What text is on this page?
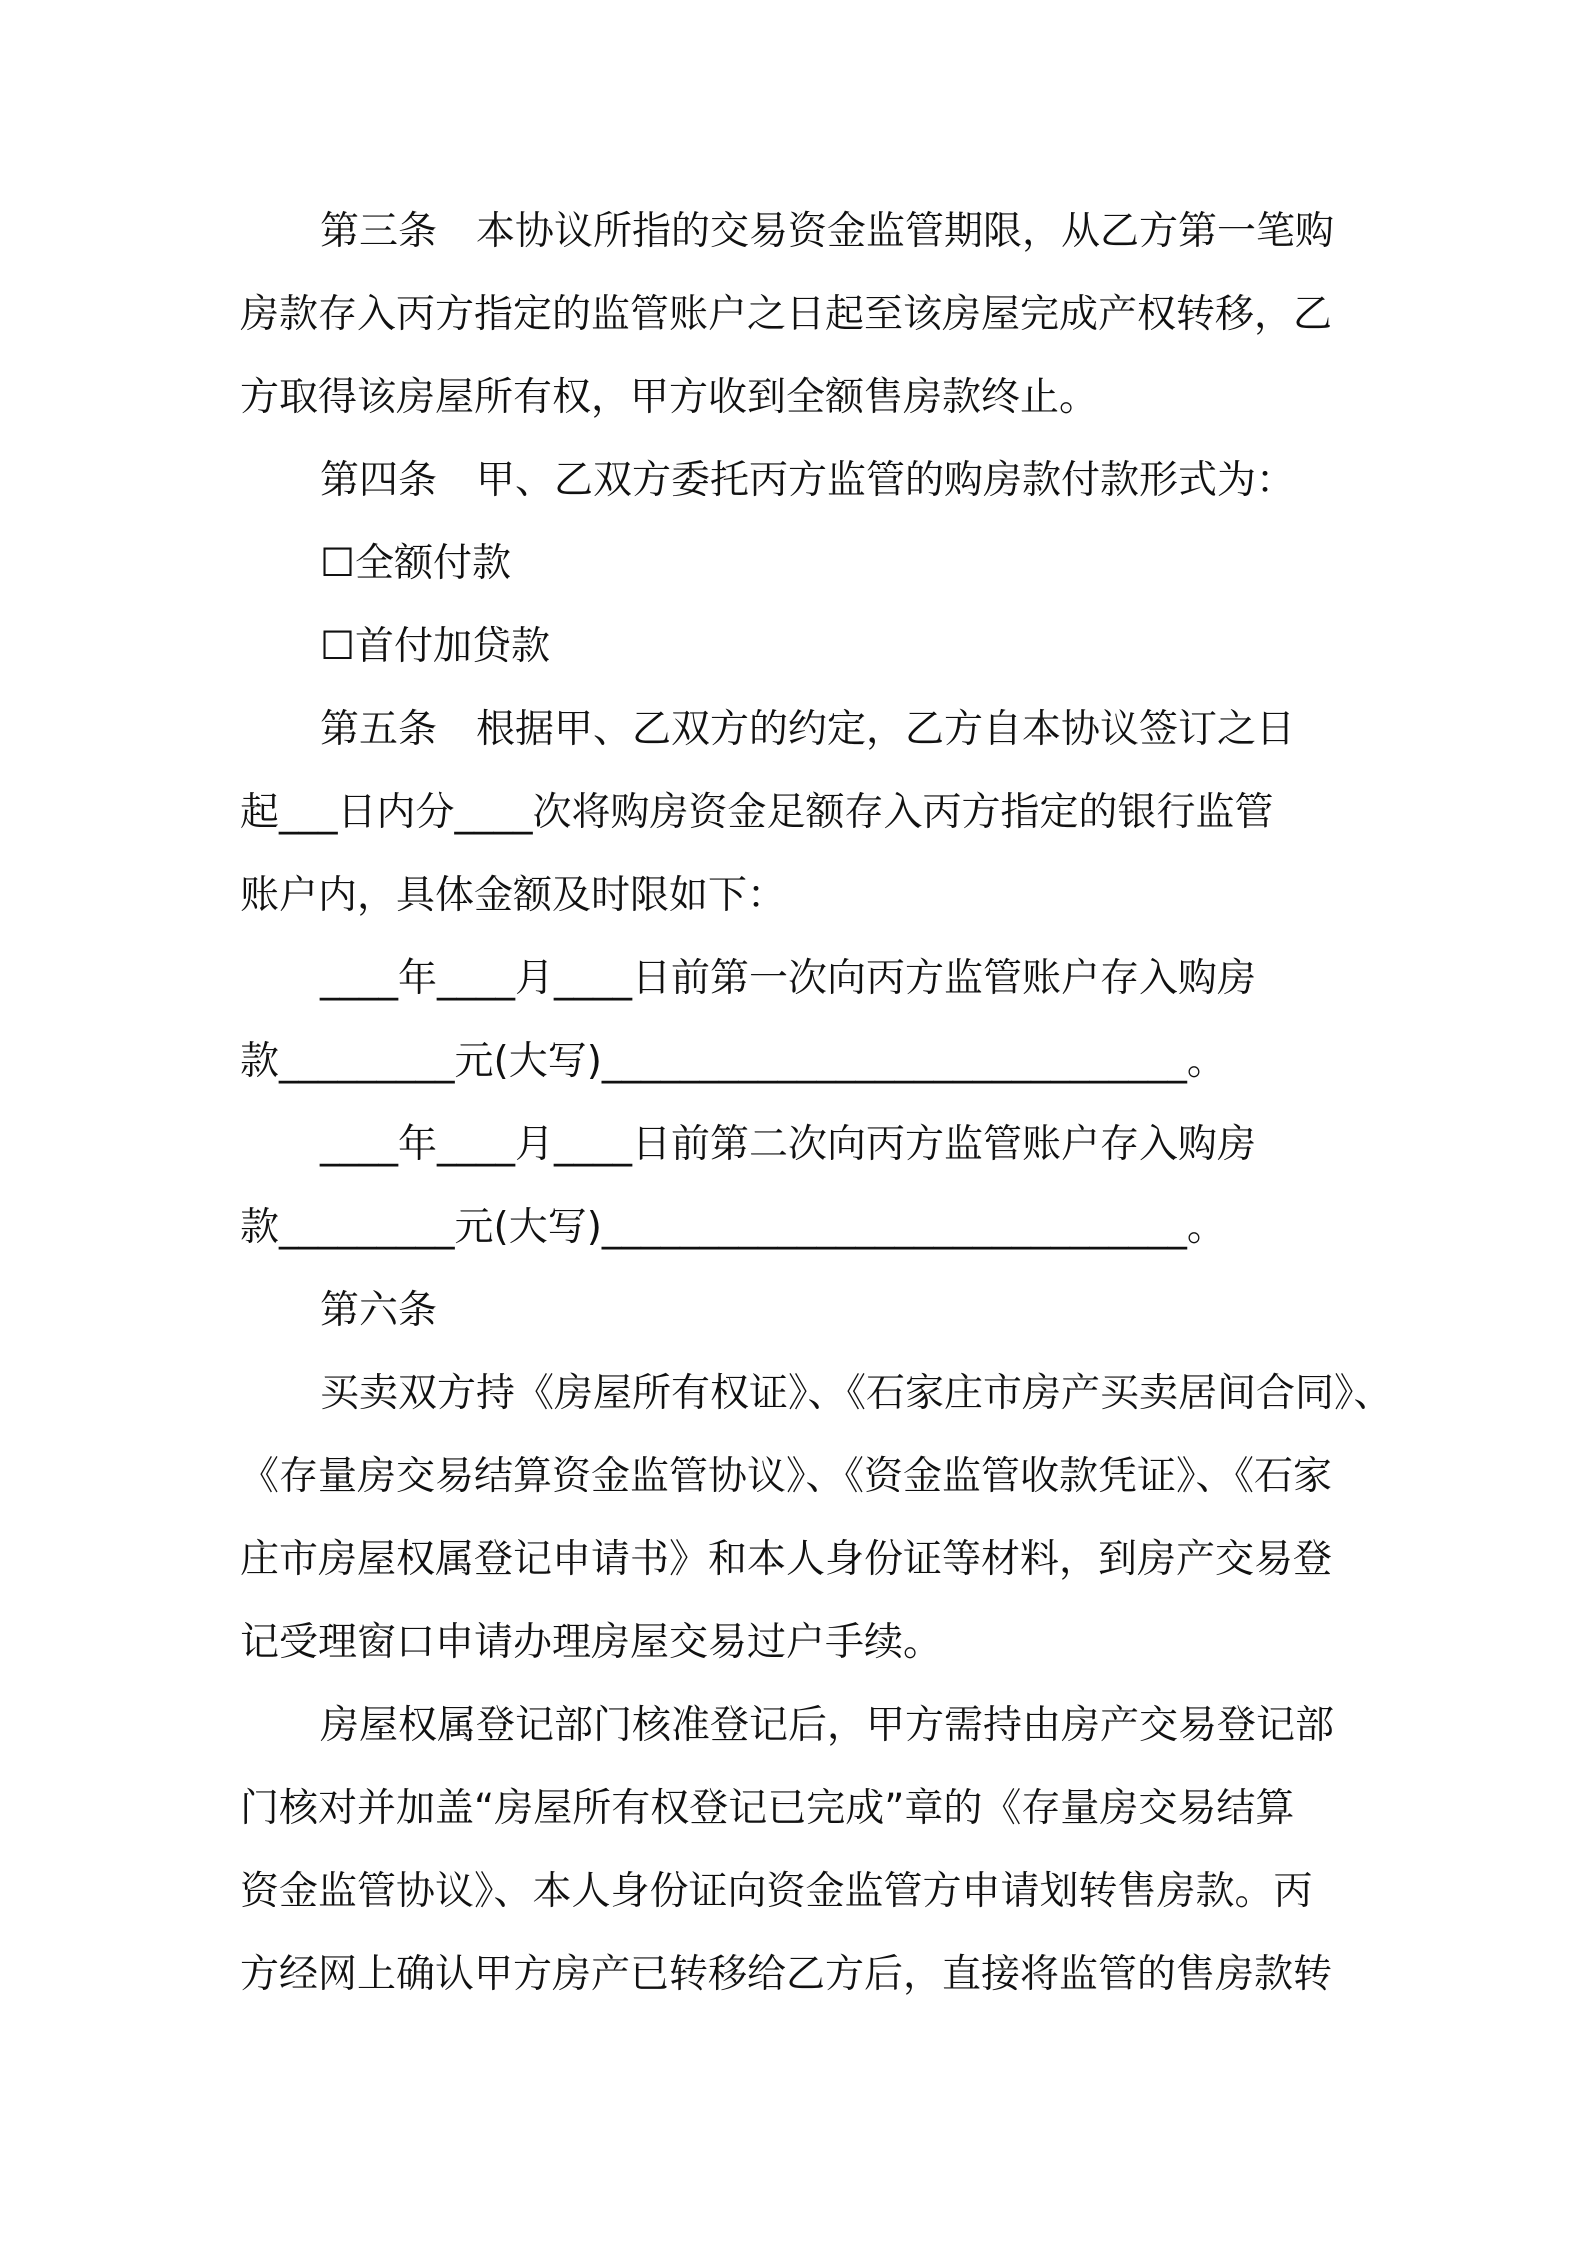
第三条　本协议所指的交易资金监管期限，从乙方第一笔购
房款存入丙方指定的监管账户之日起至该房屋完成产权转移，乙
方取得该房屋所有权，甲方收到全额售房款终止。
第四条　甲、乙双方委托丙方监管的购房款付款形式为：
☐全额付款
☐首付加贷款
第五条　根据甲、乙双方的约定，乙方自本协议签订之日
起___日内分____次将购房资金足额存入丙方指定的银行监管
账户内，具体金额及时限如下：
____年____月____日前第一次向丙方监管账户存入购房
款_________元(大写)______________________________。
____年____月____日前第二次向丙方监管账户存入购房
款_________元(大写)______________________________。
第六条
买卖双方持《房屋所有权证》、《石家庄市房产买卖居间合同》、
《存量房交易结算资金监管协议》、《资金监管收款凭证》、《石家
庄市房屋权属登记申请书》和本人身份证等材料，到房产交易登
记受理窗口申请办理房屋交易过户手续。
房屋权属登记部门核准登记后，甲方需持由房产交易登记部
门核对并加盖“房屋所有权登记已完成”章的《存量房交易结算
资金监管协议》、本人身份证向资金监管方申请划转售房款。丙
方经网上确认甲方房产已转移给乙方后，直接将监管的售房款转
